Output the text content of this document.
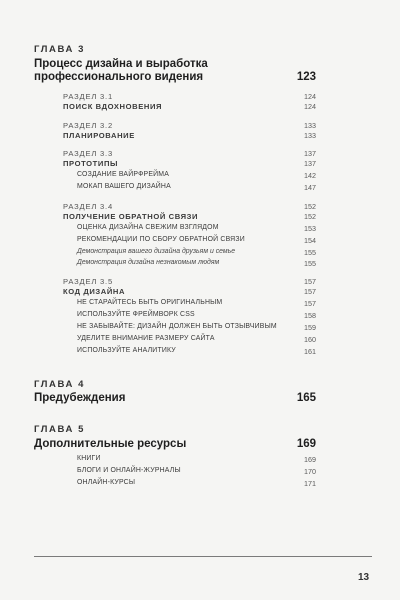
ГЛАВА 3
Процесс дизайна и выработка
профессионального видения	123
РАЗДЕЛ 3.1	124
ПОИСК ВДОХНОВЕНИЯ	124
РАЗДЕЛ 3.2	133
ПЛАНИРОВАНИЕ	133
РАЗДЕЛ 3.3	137
ПРОТОТИПЫ	137
СОЗДАНИЕ ВАЙРФРЕЙМА	142
МОКАП ВАШЕГО ДИЗАЙНА	147
РАЗДЕЛ 3.4	152
ПОЛУЧЕНИЕ ОБРАТНОЙ СВЯЗИ	152
ОЦЕНКА ДИЗАЙНА СВЕЖИМ ВЗГЛЯДОМ	153
РЕКОМЕНДАЦИИ ПО СБОРУ ОБРАТНОЙ СВЯЗИ	154
Демонстрация вашего дизайна друзьям и семье	155
Демонстрация дизайна незнакомым людям	155
РАЗДЕЛ 3.5	157
КОД ДИЗАЙНА	157
НЕ СТАРАЙТЕСЬ БЫТЬ ОРИГИНАЛЬНЫМ	157
ИСПОЛЬЗУЙТЕ ФРЕЙМВОРК CSS	158
НЕ ЗАБЫВАЙТЕ: ДИЗАЙН ДОЛЖЕН БЫТЬ ОТЗЫВЧИВЫМ	159
УДЕЛИТЕ ВНИМАНИЕ РАЗМЕРУ САЙТА	160
ИСПОЛЬЗУЙТЕ АНАЛИТИКУ	161
ГЛАВА 4
Предубеждения	165
ГЛАВА 5
Дополнительные ресурсы	169
КНИГИ	169
БЛОГИ И ОНЛАЙН-ЖУРНАЛЫ	170
ОНЛАЙН-КУРСЫ	171
13
